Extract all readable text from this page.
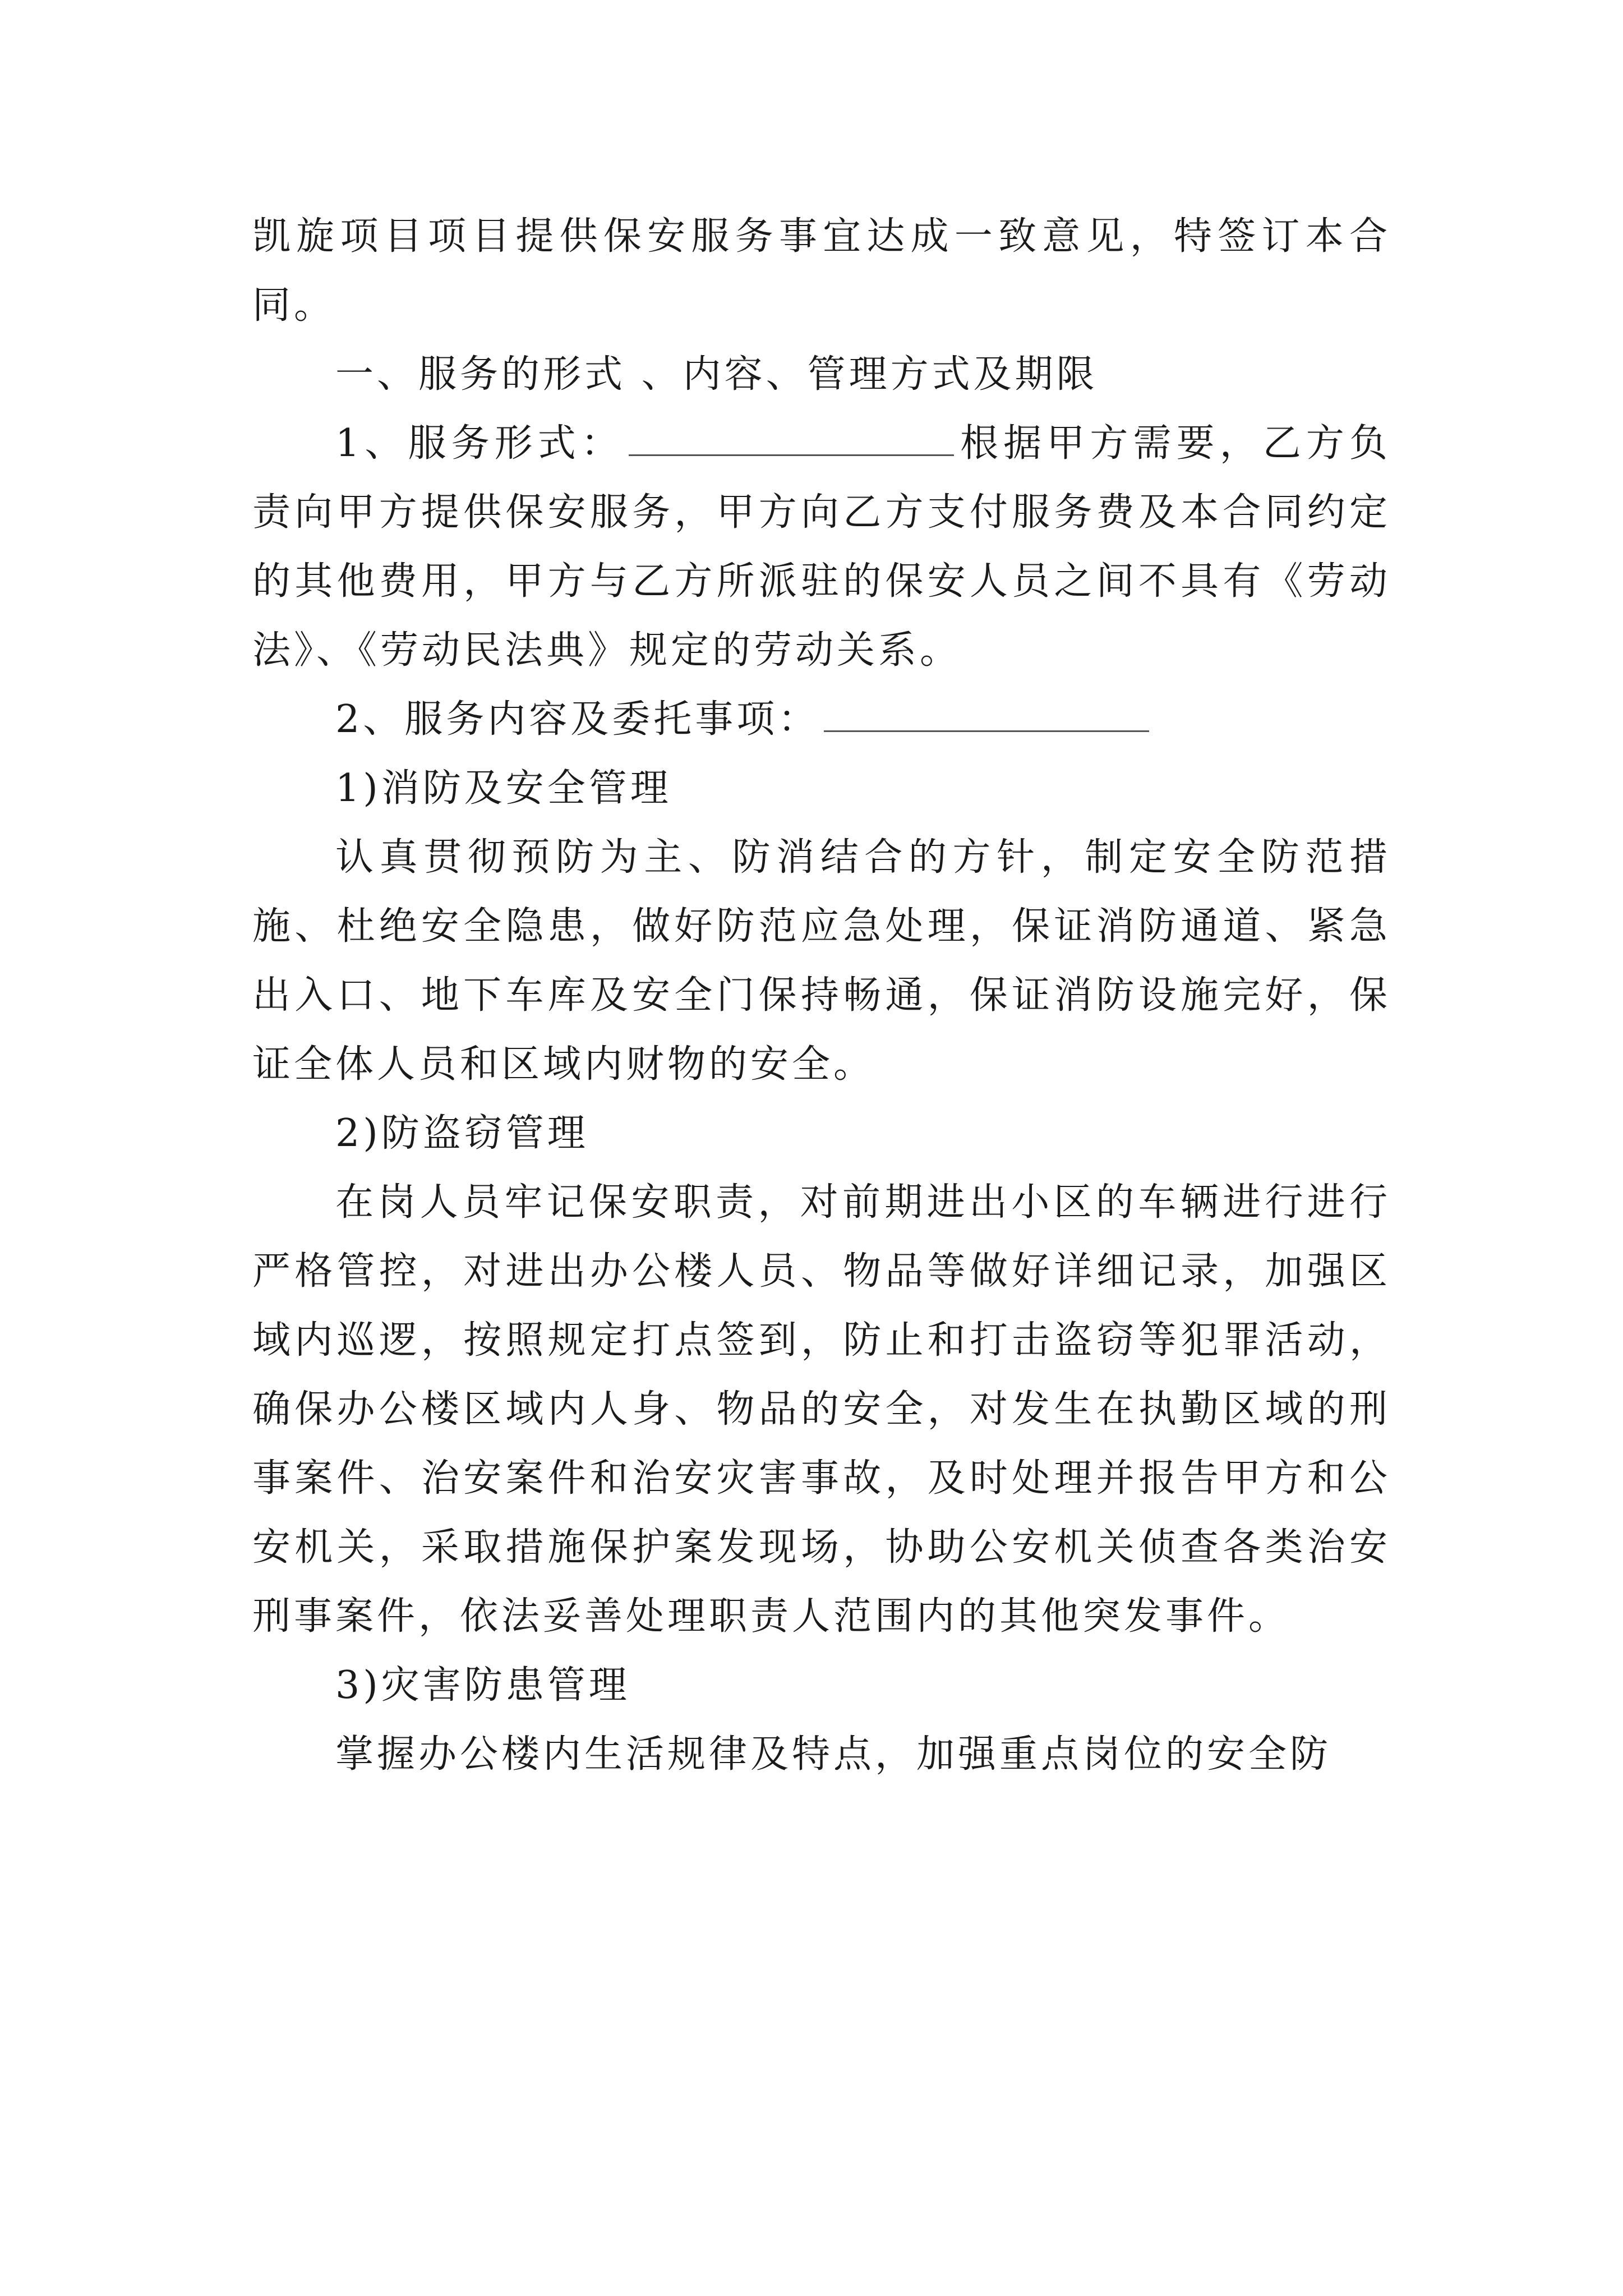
凯旋项目项目提供保安服务事宜达成一致意见，特签订本合同。

一、服务的形式 、内容、管理方式及期限

1、服务形式：	根据甲方需要，乙方负责向甲方提供保安服务，甲方向乙方支付服务费及本合同约定的其他费用，甲方与乙方所派驻的保安人员之间不具有《劳动法》、《劳动民法典》规定的劳动关系。

2、服务内容及委托事项：

1)消防及安全管理

认真贯彻预防为主、防消结合的方针，制定安全防范措施、杜绝安全隐患，做好防范应急处理，保证消防通道、紧急出入口、地下车库及安全门保持畅通，保证消防设施完好，保证全体人员和区域内财物的安全。

2)防盗窃管理

在岗人员牢记保安职责，对前期进出小区的车辆进行进行严格管控，对进出办公楼人员、物品等做好详细记录，加强区域内巡逻，按照规定打点签到，防止和打击盗窃等犯罪活动，确保办公楼区域内人身、物品的安全，对发生在执勤区域的刑事案件、治安案件和治安灾害事故，及时处理并报告甲方和公安机关，采取措施保护案发现场，协助公安机关侦查各类治安刑事案件，依法妥善处理职责人范围内的其他突发事件。

3)灾害防患管理

掌握办公楼内生活规律及特点，加强重点岗位的安全防
